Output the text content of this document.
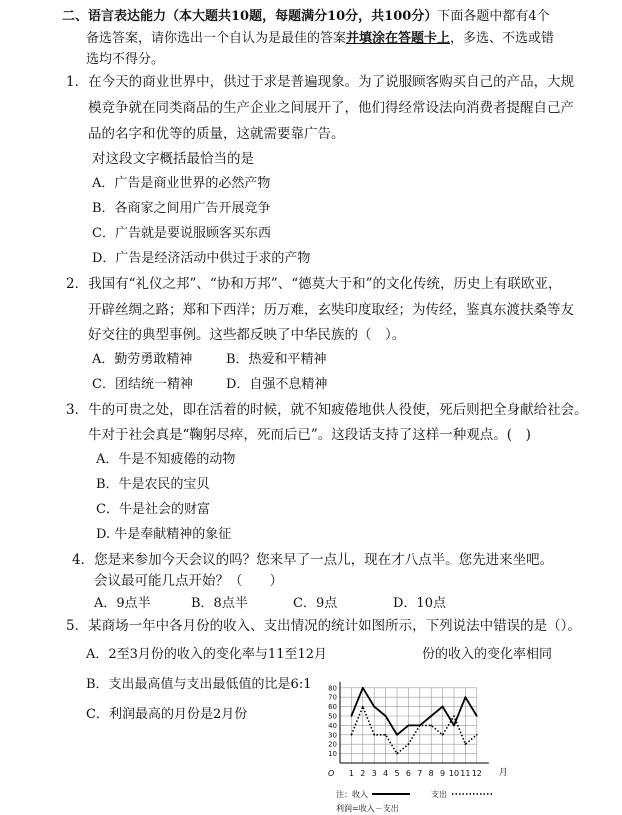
二、语言表达能力（本大题共10题，每题满分10分，共100分）下面各题中都有4个
备选答案，请你选出一个自认为是最佳的答案并填涂在答题卡上，多选、不选或错
选均不得分。
1．在今天的商业世界中，供过于求是普遍现象。为了说服顾客购买自己的产品，大规
模竞争就在同类商品的生产企业之间展开了，他们得经常设法向消费者提醒自己产
品的名字和优等的质量，这就需要靠广告。
对这段文字概括最恰当的是
A．广告是商业世界的必然产物
B．各商家之间用广告开展竞争
C．广告就是要说服顾客买东西
D．广告是经济活动中供过于求的产物
2．我国有“礼仪之邦”、“协和万邦”、“德莫大于和”的文化传统，历史上有联欧亚，
开辟丝绸之路；郑和下西洋；历万难，玄奘印度取经；为传经，鉴真东渡扶桑等友
好交往的典型事例。这些都反映了中华民族的（　）。
A．勤劳勇敢精神	B．热爱和平精神
C．团结统一精神	D．自强不息精神
3．牛的可贵之处，即在活着的时候，就不知疲倦地供人役使，死后则把全身献给社会。
牛对于社会真是“鞠躬尽瘁，死而后已”。这段话支持了这样一种观点。(　)
A．牛是不知疲倦的动物
B．牛是农民的宝贝
C．牛是社会的财富
D. 牛是奉献精神的象征
4．您是来参加今天会议的吗？您来早了一点儿，现在才八点半。您先进来坐吧。
会议最可能几点开始？（　　）
A．9点半	B．8点半	C．9点	D．10点
5．某商场一年中各月份的收入、支出情况的统计如图所示，下列说法中错误的是（）。
A．2至3月份的收入的变化率与11至12月	份的收入的变化率相同
B．支出最高值与支出最低值的比是6:1
C．利润最高的月份是2月份
10
20
30
40
50
60
70
80
1 2 3 4 5 6 7 8 9 10 11 12
O	月
注：收入	支出
利润=收入－支出
